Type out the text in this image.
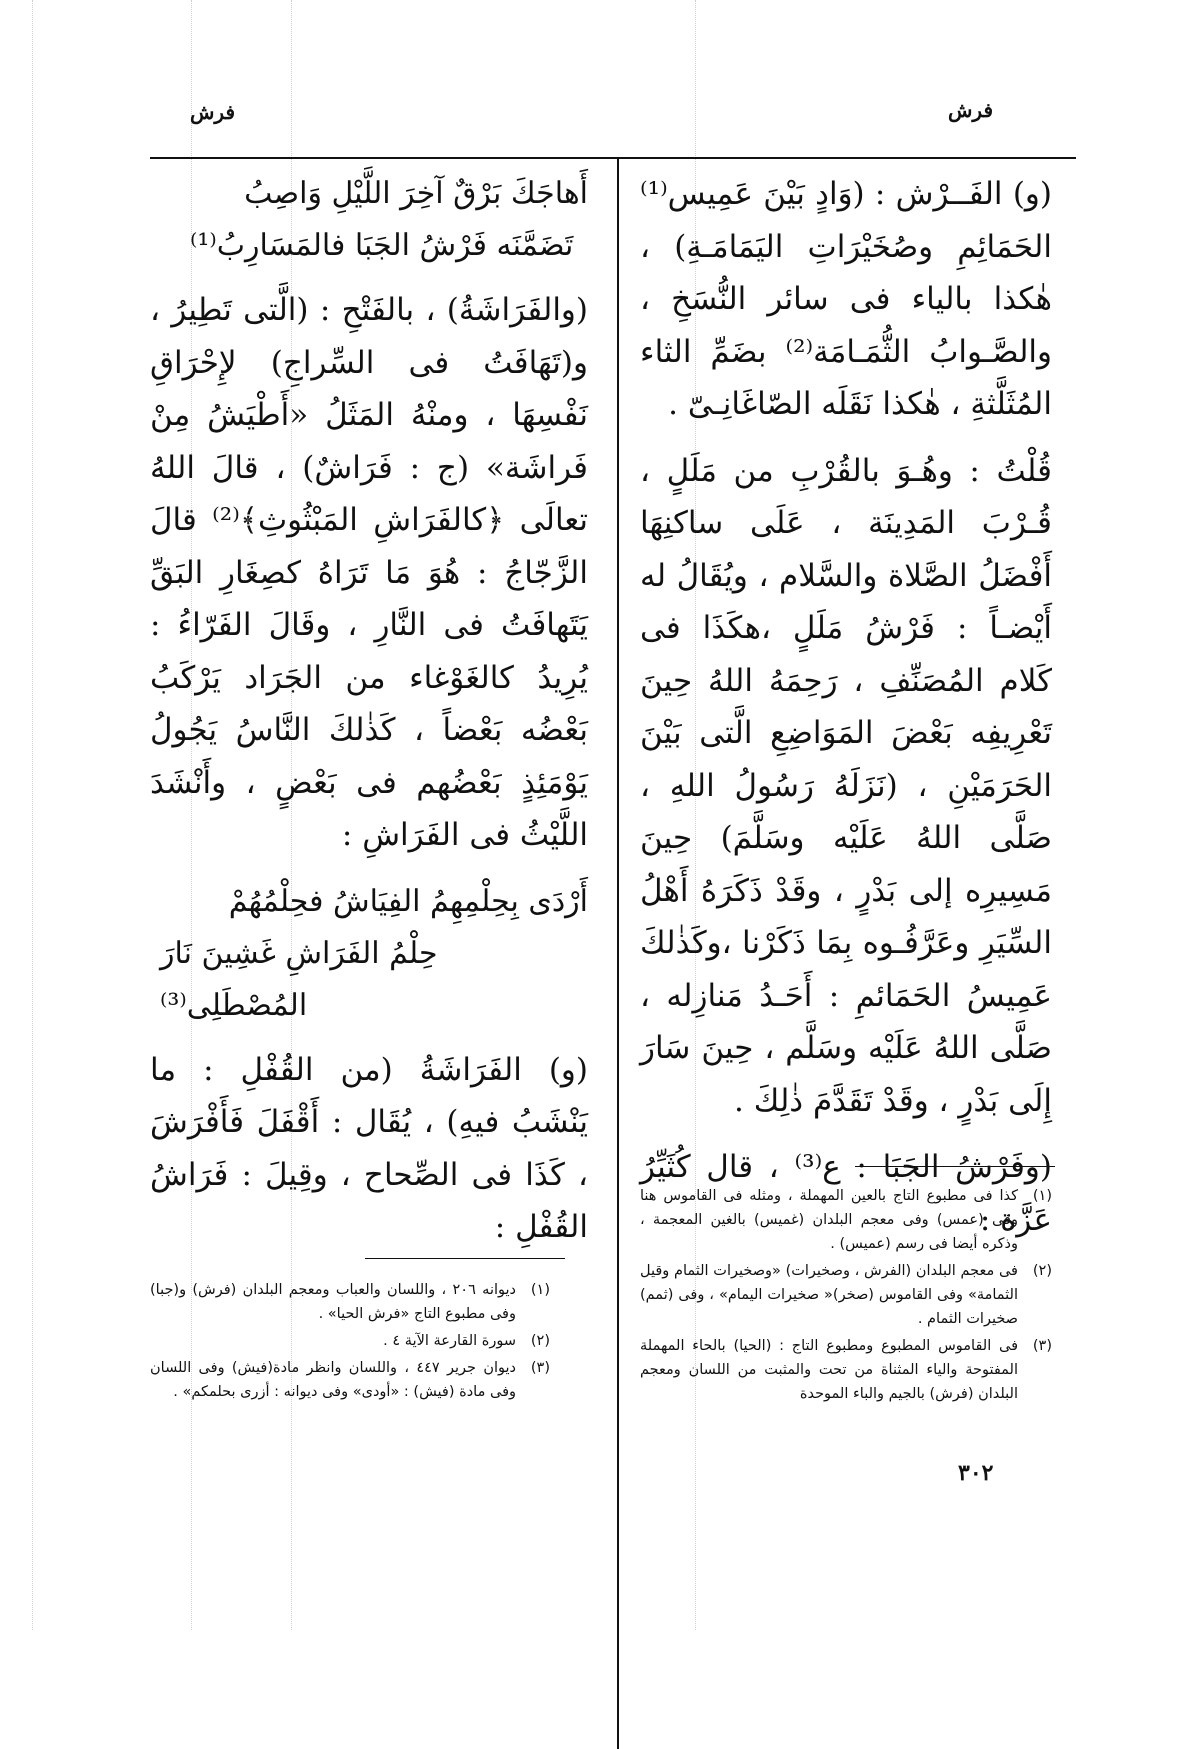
فرش	فرش

(و) الفَــرْش : (وَادٍ بَيْنَ عَمِيس⁽¹⁾ الحَمَائِمِ وصُخَيْرَاتِ اليَمَامَـةِ) ، هٰكذا بالياء فى سائر النُّسَخِ ، والصَّـوابُ الثُّمَـامَة⁽²⁾ بضَمِّ الثاء المُثَلَّثةِ ، هٰكذا نَقَلَه الصّاغَانِـىّ .

قُلْتُ : وهُـوَ بالقُرْبِ من مَلَلٍ ، قُـرْبَ المَدِينَة ، عَلَى ساكنِهَا أَفْضَلُ الصَّلاة والسَّلام ، ويُقَالُ له أَيْضـاً : فَرْشُ مَلَلٍ ،هكَذَا فى كَلام المُصَنِّفِ ، رَحِمَهُ اللهُ حِينَ تَعْرِيفِه بَعْضَ المَوَاضِعِ الَّتى بَيْنَ الحَرَمَيْنِ ، (نَزَلَهُ رَسُولُ اللهِ ، صَلَّى اللهُ عَلَيْه وسَلَّمَ) حِينَ مَسِيرِه إلى بَدْرٍ ، وقَدْ ذَكَرَهُ أَهْلُ السِّيَرِ وعَرَّفُـوه بِمَا ذَكَرْنا ،وكَذٰلكَ عَمِيسُ الحَمَائمِ : أَحَـدُ مَنازِله ، صَلَّى اللهُ عَلَيْه وسَلَّم ، حِينَ سَارَ إِلَى بَدْرٍ ، وقَدْ تَقَدَّمَ ذٰلِكَ .

(وفَرْشُ الجَبَا : ع⁽³⁾ ، قال كُثَيِّرُ عَزَّة :

(١)
كذا فى مطبوع التاج بالعين المهملة ، ومثله فى القاموس هنا وفى (عمس) وفى معجم البلدان (غميس) بالغين المعجمة ، وذكره أيضا فى رسم (عميس) .
(٢)
فى معجم البلدان (الفرش ، وصخيرات) «وصخيرات الثمام وقيل الثمامة» وفى القاموس (صخر)« صخيرات اليمام» ، وفى (ثمم) صخيرات الثمام .
(٣)
فى القاموس المطبوع ومطبوع التاج : (الحيا) بالحاء المهملة المفتوحة والياء المثناة من تحت والمثبت من اللسان ومعجم البلدان (فرش) بالجيم والباء الموحدة
أَهاجَكَ بَرْقٌ آخِرَ اللَّيْلِ وَاصِبُ
تَضَمَّنَه فَرْشُ الجَبَا فالمَسَارِبُ⁽¹⁾

(والفَرَاشَةُ) ، بالفَتْحِ : (الَّتى تَطِيرُ ، و(تَهَافَتُ فى السِّراجِ) لإِحْرَاقِ نَفْسِهَا ، ومنْهُ المَثَلُ «أَطْيَشُ مِنْ فَراشَة» (ج : فَرَاشٌ) ، قالَ اللهُ تعالَى ﴿كالفَرَاشِ المَبْثُوثِ﴾⁽²⁾ قالَ الزَّجّاجُ : هُوَ مَا تَرَاهُ كصِغَارِ البَقِّ يَتَهافَتُ فى النَّارِ ، وقَالَ الفَرّاءُ : يُرِيدُ كالغَوْغاء من الجَرَاد يَرْكَبُ بَعْضُه بَعْضاً ، كَذٰلكَ النَّاسُ يَجُولُ يَوْمَئِذٍ بَعْضُهم فى بَعْضٍ ، وأَنْشَدَ اللَّيْثُ فى الفَرَاشِ :

أَرْدَى بِحِلْمِهِمُ الفِيَاشُ فحِلْمُهُمْ
حِلْمُ الفَرَاشِ غَشِينَ نَارَ المُصْطَلِى⁽³⁾

(و) الفَرَاشَةُ (من القُفْلِ : ما يَنْشَبُ فيهِ) ، يُقَال : أَقْفَلَ فَأَفْرَشَ ، كَذَا فى الصِّحاح ، وقِيلَ : فَرَاشُ القُفْلِ :

(١)
ديوانه ٢٠٦ ، واللسان والعباب ومعجم البلدان (فرش) و(جبا) وفى مطبوع التاج «فرش الحيا» .
(٢)
سورة القارعة الآية ٤ .
(٣)
ديوان جرير ٤٤٧ ، واللسان وانظر مادة(فيش) وفى اللسان وفى مادة (فيش) : «أودى» وفى ديوانه : أزرى بحلمكم» .
٣٠٢
